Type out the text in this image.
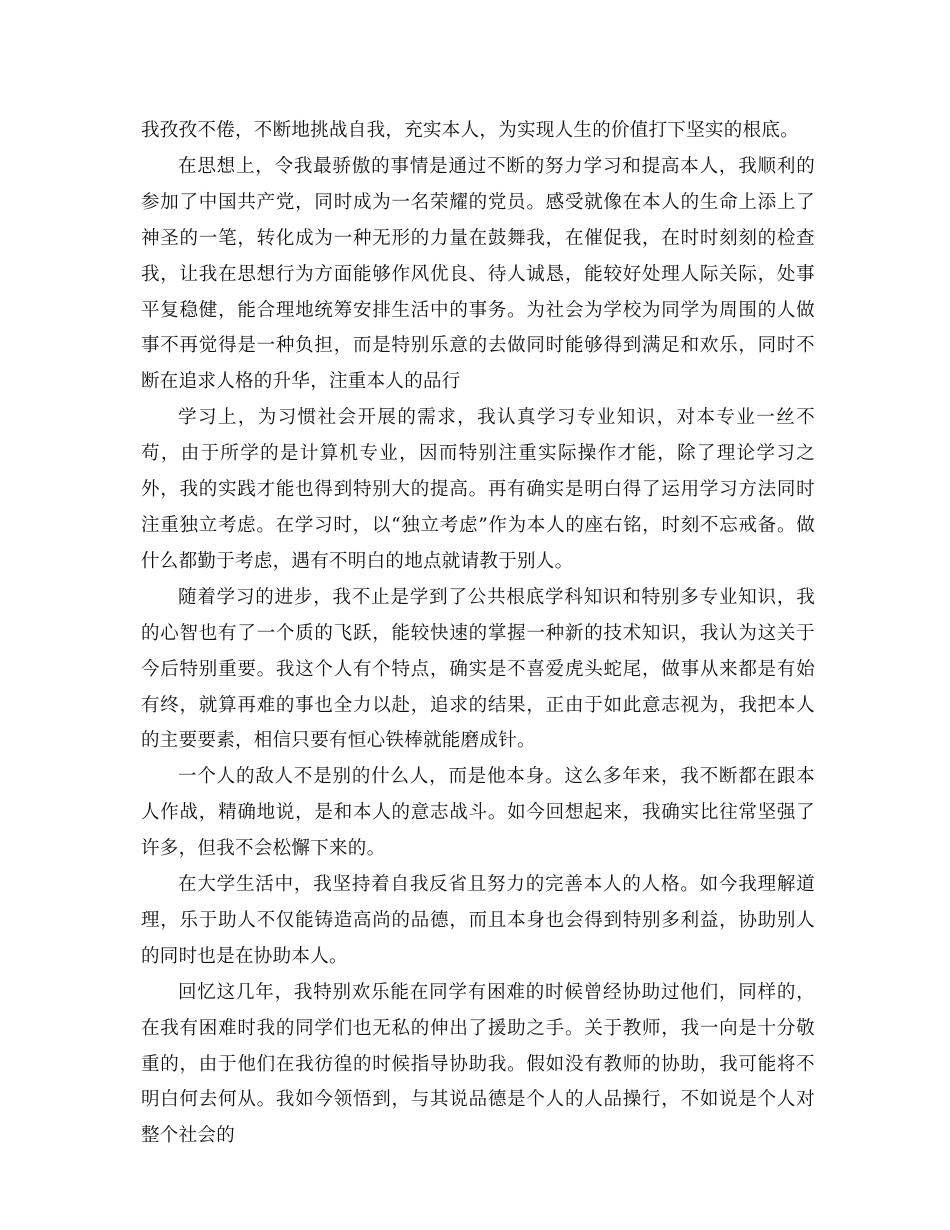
我孜孜不倦，不断地挑战自我，充实本人，为实现人生的价值打下坚实的根底。

在思想上，令我最骄傲的事情是通过不断的努力学习和提高本人，我顺利的参加了中国共产党，同时成为一名荣耀的党员。感受就像在本人的生命上添上了神圣的一笔，转化成为一种无形的力量在鼓舞我，在催促我，在时时刻刻的检查我，让我在思想行为方面能够作风优良、待人诚恳，能较好处理人际关际，处事平复稳健，能合理地统筹安排生活中的事务。为社会为学校为同学为周围的人做事不再觉得是一种负担，而是特别乐意的去做同时能够得到满足和欢乐，同时不断在追求人格的升华，注重本人的品行

学习上，为习惯社会开展的需求，我认真学习专业知识，对本专业一丝不苟，由于所学的是计算机专业，因而特别注重实际操作才能，除了理论学习之外，我的实践才能也得到特别大的提高。再有确实是明白得了运用学习方法同时注重独立考虑。在学习时，以“独立考虑”作为本人的座右铭，时刻不忘戒备。做什么都勤于考虑，遇有不明白的地点就请教于别人。

随着学习的进步，我不止是学到了公共根底学科知识和特别多专业知识，我的心智也有了一个质的飞跃，能较快速的掌握一种新的技术知识，我认为这关于今后特别重要。我这个人有个特点，确实是不喜爱虎头蛇尾，做事从来都是有始有终，就算再难的事也全力以赴，追求的结果，正由于如此意志视为，我把本人的主要要素，相信只要有恒心铁棒就能磨成针。

一个人的敌人不是别的什么人，而是他本身。这么多年来，我不断都在跟本人作战，精确地说，是和本人的意志战斗。如今回想起来，我确实比往常坚强了许多，但我不会松懈下来的。

在大学生活中，我坚持着自我反省且努力的完善本人的人格。如今我理解道理，乐于助人不仅能铸造高尚的品德，而且本身也会得到特别多利益，协助别人的同时也是在协助本人。

回忆这几年，我特别欢乐能在同学有困难的时候曾经协助过他们，同样的，在我有困难时我的同学们也无私的伸出了援助之手。关于教师，我一向是十分敬重的，由于他们在我彷徨的时候指导协助我。假如没有教师的协助，我可能将不明白何去何从。我如今领悟到，与其说品德是个人的人品操行，不如说是个人对整个社会的
